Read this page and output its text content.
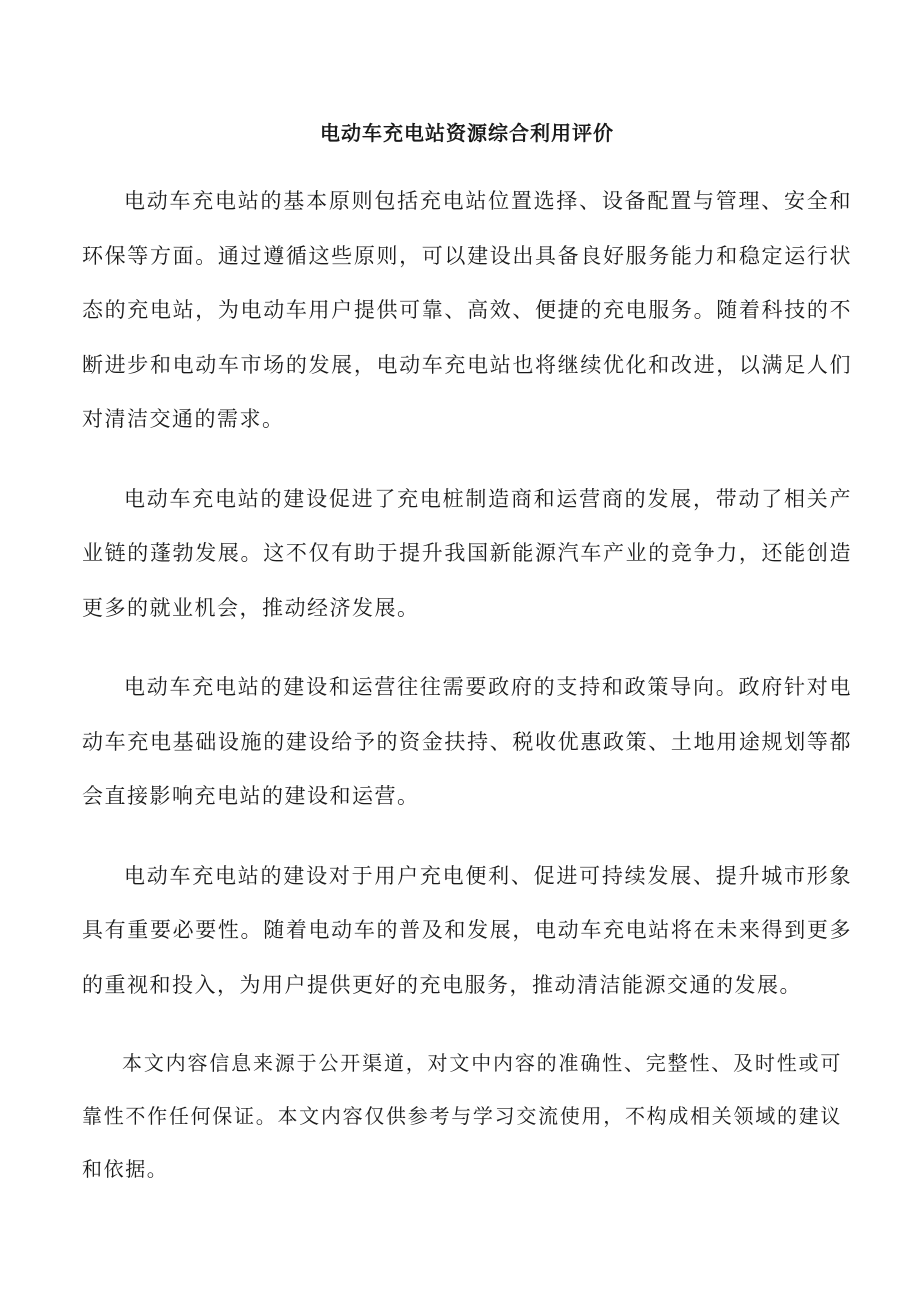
电动车充电站资源综合利用评价

电动车充电站的基本原则包括充电站位置选择、设备配置与管理、安全和环保等方面。通过遵循这些原则，可以建设出具备良好服务能力和稳定运行状态的充电站，为电动车用户提供可靠、高效、便捷的充电服务。随着科技的不断进步和电动车市场的发展，电动车充电站也将继续优化和改进，以满足人们对清洁交通的需求。

电动车充电站的建设促进了充电桩制造商和运营商的发展，带动了相关产业链的蓬勃发展。这不仅有助于提升我国新能源汽车产业的竞争力，还能创造更多的就业机会，推动经济发展。

电动车充电站的建设和运营往往需要政府的支持和政策导向。政府针对电动车充电基础设施的建设给予的资金扶持、税收优惠政策、土地用途规划等都会直接影响充电站的建设和运营。

电动车充电站的建设对于用户充电便利、促进可持续发展、提升城市形象具有重要必要性。随着电动车的普及和发展，电动车充电站将在未来得到更多的重视和投入，为用户提供更好的充电服务，推动清洁能源交通的发展。

本文内容信息来源于公开渠道，对文中内容的准确性、完整性、及时性或可靠性不作任何保证。本文内容仅供参考与学习交流使用，不构成相关领域的建议和依据。
